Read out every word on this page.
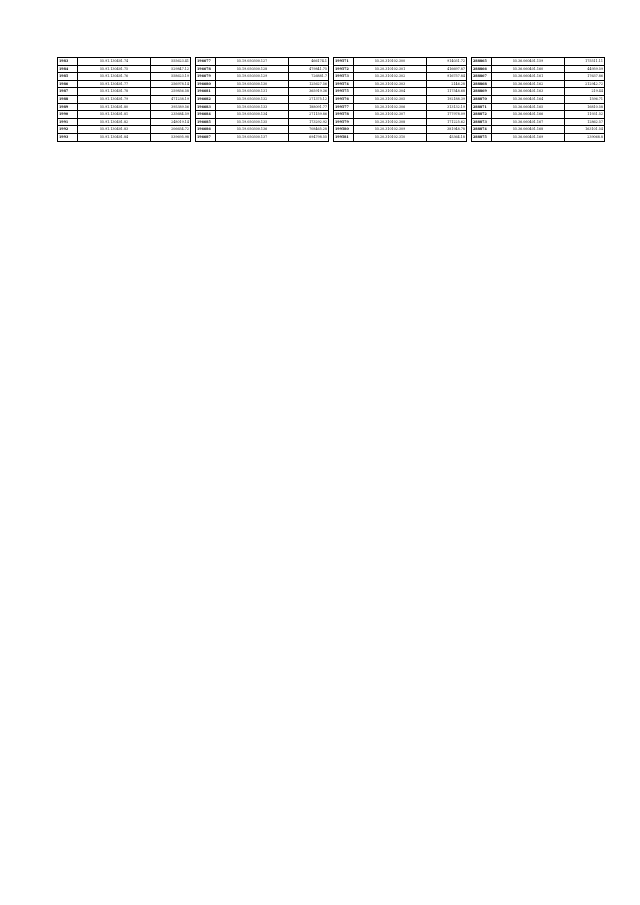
1983	55.91.130401.74	555623.41
1984	55.91.130401.75	529847.12
1985	55.91.130401.76	558623.19
1986	55.91.130401.77	256978.14
1987	55.91.130401.78	259856.58
1988	55.91.130401.79	471238.19
1989	55.91.130401.80	395389.56
1990	55.91.130401.81	235684.59
1991	55.91.130401.82	248019.14
1992	55.91.130401.83	206654.72
1993	55.91.130401.84	539695.98
196677	55.19.050300.127	466174.1
196678	55.19.050300.128	479841.75
196679	55.19.050300.129	726881.7
196680	55.19.050300.130	125627.56
196681	55.19.050300.131	365919.36
196682	55.19.050300.132	271375.12
196683	55.19.050300.133	188091.77
196684	55.19.050300.134	271159.86
196685	55.19.050300.135	173292.92
196686	55.19.050300.136	708465.28
196687	55.19.050300.137	694798.55
199571	55.20.310102.300	914031.72
199572	55.20.310102.301	416697.87
199573	55.20.310102.302	916757.84
199574	55.20.310102.303	2146.28
199575	55.20.310102.304	117548.68
199576	55.20.310102.305	192188.39
199577	55.20.310102.306	313132.19
199578	55.20.310102.307	177978.09
199579	55.20.310102.308	171225.62
199580	55.20.310102.309	381948.78
199581	55.20.310102.310	45364.18
288865	55.36.060401.159	175511.11
288866	55.36.060401.160	44959.59
288867	55.36.060401.161	17637.86
288868	55.36.060401.162	212942.72
288869	55.36.060401.163	219.44
288870	55.36.060401.164	1596.71
288871	55.36.060401.165	16810.58
288872	55.36.060401.166	11931.52
288873	55.36.060401.167	12862.57
288874	55.36.060401.168	163101.54
288875	55.36.060401.169	239068.8
